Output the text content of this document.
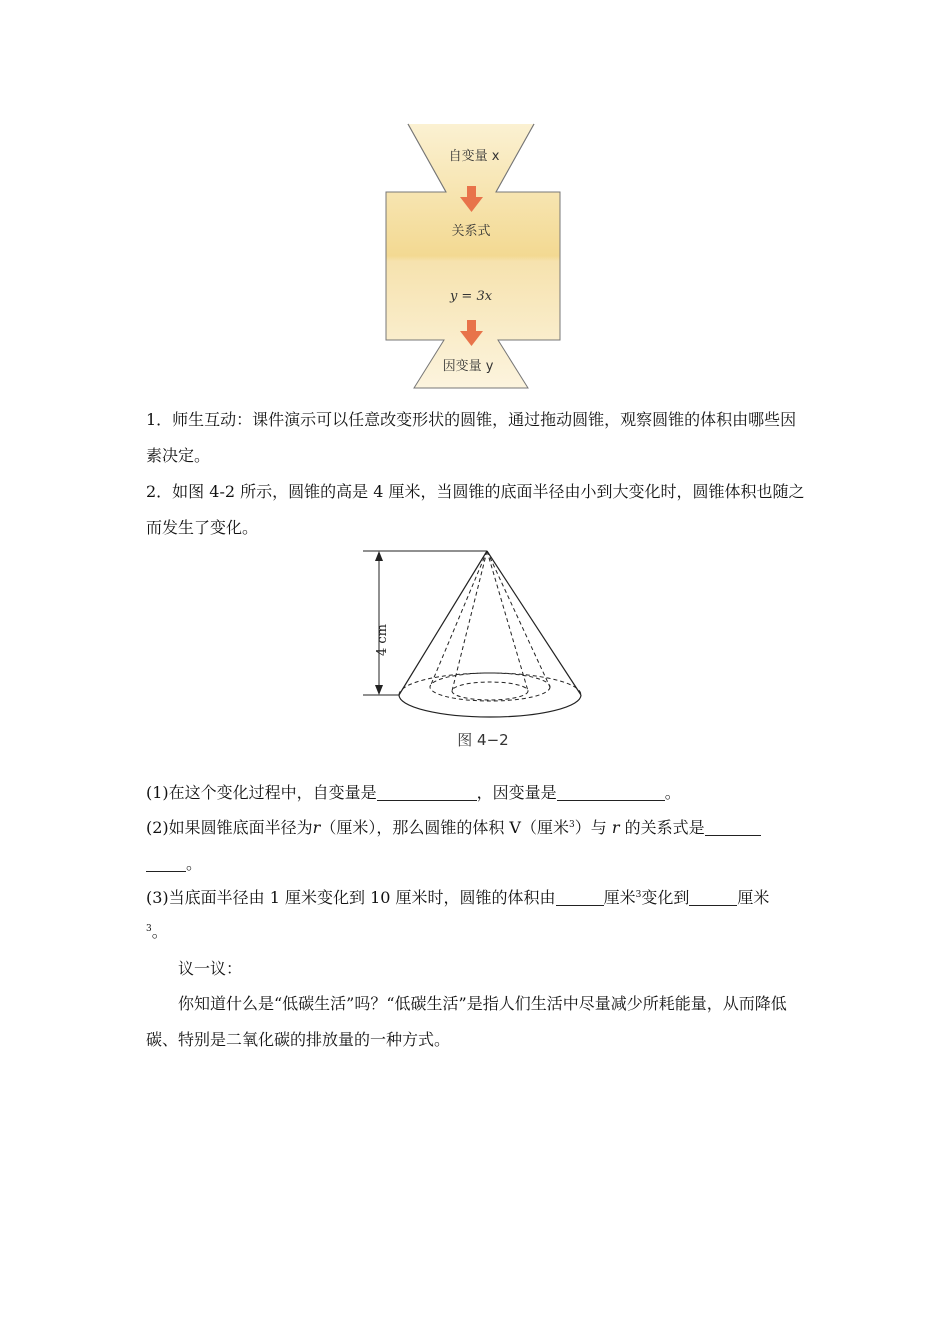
自变量 x
关系式
y = 3x
因变量 y

1．师生互动：课件演示可以任意改变形状的圆锥，通过拖动圆锥，观察圆锥的体积由哪些因素决定。

2．如图 4-2 所示，圆锥的高是 4 厘米，当圆锥的底面半径由小到大变化时，圆锥体积也随之而发生了变化。

4 cm
图 4−2

(1)在这个变化过程中，自变量是	，因变量是	。

(2)如果圆锥底面半径为r（厘米），那么圆锥的体积 V（厘米$^3$）与 r 的关系式是

。

(3)当底面半径由 1 厘米变化到 10 厘米时，圆锥的体积由	厘米$^3$变化到	厘米

$^3$。

议一议：

你知道什么是“低碳生活”吗？“低碳生活”是指人们生活中尽量减少所耗能量，从而降低碳、特别是二氧化碳的排放量的一种方式。
